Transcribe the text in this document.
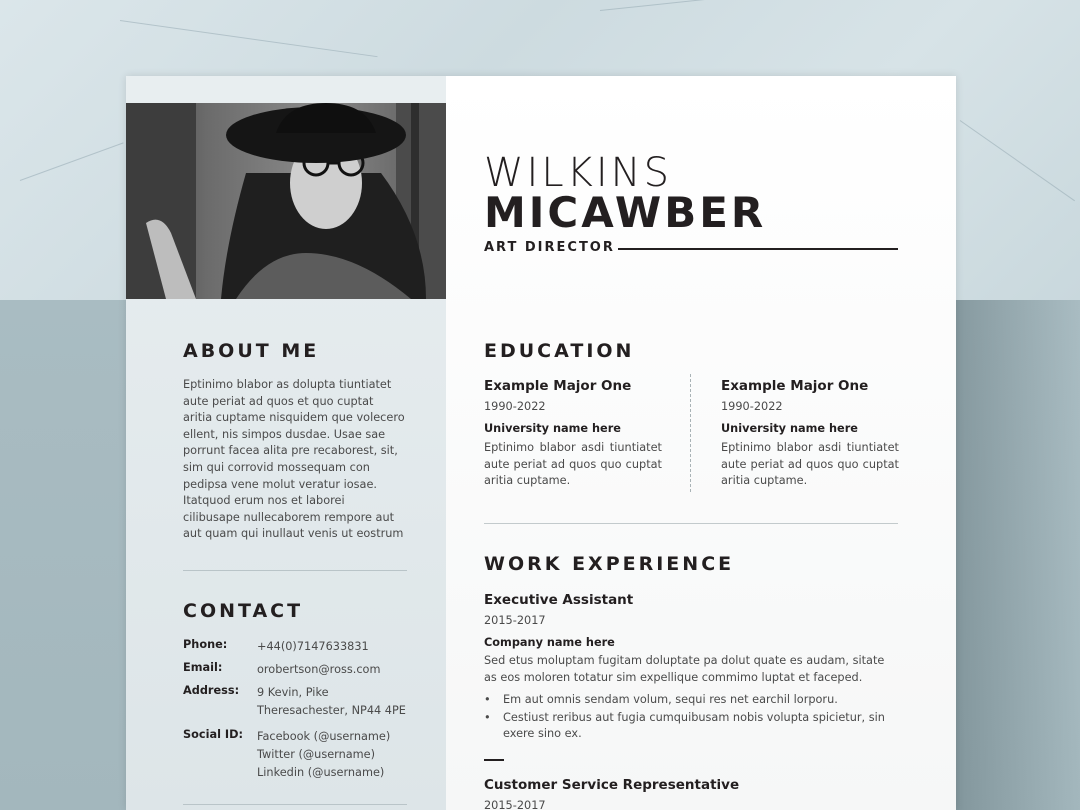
WILKINS
MICAWBER
ART DIRECTOR
ABOUT ME
Eptinimo blabor as dolupta tiuntiatet aute periat ad quos et quo cuptat aritia cuptame nisquidem que volecero ellent, nis simpos dusdae. Usae sae porrunt facea alita pre recaborest, sit, sim qui corrovid mossequam con pedipsa vene molut veratur iosae. Itatquod erum nos et laborei cilibusape nullecaborem rempore aut aut quam qui inullaut venis ut eostrum
CONTACT
Phone:	+44(0)7147633831
Email:	orobertson@ross.com
Address: 9 Kevin, Pike
Theresachester, NP44 4PE
Social ID: Facebook (@username)
Twitter (@username)
Linkedin (@username)
EDUCATION
Example Major One
1990-2022
University name here
Eptinimo blabor asdi tiuntiatet aute periat ad quos quo cuptat aritia cuptame.
Example Major One
1990-2022
University name here
Eptinimo blabor asdi tiuntiatet aute periat ad quos quo cuptat aritia cuptame.
WORK EXPERIENCE
Executive Assistant
2015-2017
Company name here
Sed etus moluptam fugitam doluptate pa dolut quate es audam, sitate as eos moloren totatur sim expellique commimo luptat et faceped.
• Em aut omnis sendam volum, sequi res net earchil lorporu.
• Cestiust reribus aut fugia cumquibusam nobis volupta spicietur, sin exere sino ex.
Customer Service Representative
2015-2017
